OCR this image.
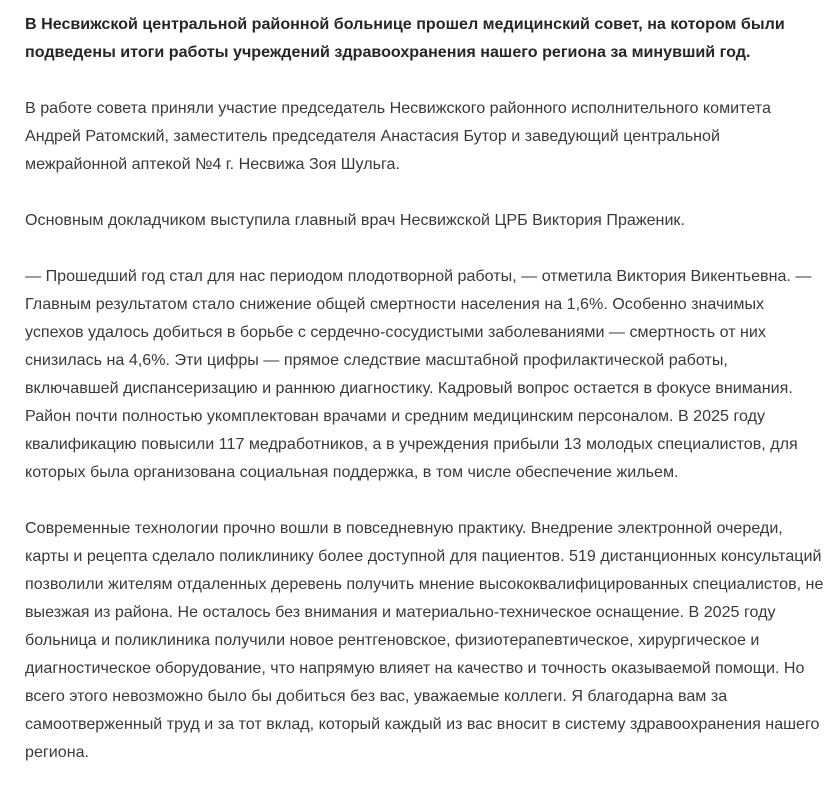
В Несвижской центральной районной больнице прошел медицинский совет, на котором были подведены итоги работы учреждений здравоохранения нашего региона за минувший год.

В работе совета приняли участие председатель Несвижского районного исполнительного комитета Андрей Ратомский, заместитель председателя Анастасия Бутор и заведующий центральной межрайонной аптекой №4 г. Несвижа Зоя Шульга.

Основным докладчиком выступила главный врач Несвижской ЦРБ Виктория Праженик.

— Прошедший год стал для нас периодом плодотворной работы, — отметила Виктория Викентьевна. — Главным результатом стало снижение общей смертности населения на 1,6%. Особенно значимых успехов удалось добиться в борьбе с сердечно-сосудистыми заболеваниями — смертность от них снизилась на 4,6%. Эти цифры — прямое следствие масштабной профилактической работы, включавшей диспансеризацию и раннюю диагностику. Кадровый вопрос остается в фокусе внимания. Район почти полностью укомплектован врачами и средним медицинским персоналом. В 2025 году квалификацию повысили 117 медработников, а в учреждения прибыли 13 молодых специалистов, для которых была организована социальная поддержка, в том числе обеспечение жильем.

Современные технологии прочно вошли в повседневную практику. Внедрение электронной очереди, карты и рецепта сделало поликлинику более доступной для пациентов. 519 дистанционных консультаций позволили жителям отдаленных деревень получить мнение высококвалифицированных специалистов, не выезжая из района. Не осталось без внимания и материально-техническое оснащение. В 2025 году больница и поликлиника получили новое рентгеновское, физиотерапевтическое, хирургическое и диагностическое оборудование, что напрямую влияет на качество и точность оказываемой помощи. Но всего этого невозможно было бы добиться без вас, уважаемые коллеги. Я благодарна вам за самоотверженный труд и за тот вклад, который каждый из вас вносит в систему здравоохранения нашего региона.
